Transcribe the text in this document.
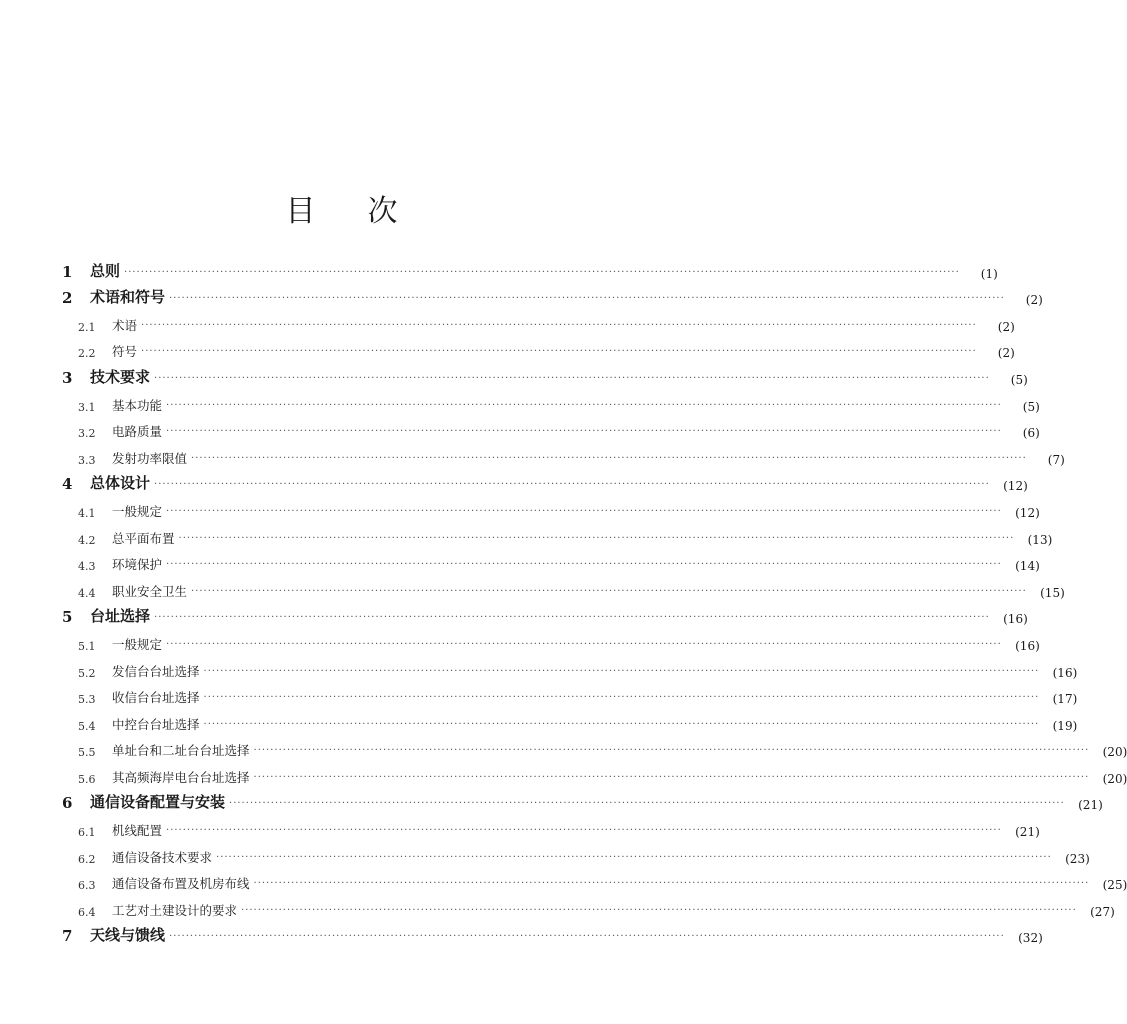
目 次
1	总则 ········································································································································································································	(1)
2	术语和符号 ········································································································································································································	(2)
2.1	术语 ········································································································································································································	(2)
2.2	符号 ········································································································································································································	(2)
3	技术要求 ········································································································································································································	(5)
3.1	基本功能 ········································································································································································································	(5)
3.2	电路质量 ········································································································································································································	(6)
3.3	发射功率限值 ········································································································································································································	(7)
4	总体设计 ········································································································································································································	(12)
4.1	一般规定 ········································································································································································································	(12)
4.2	总平面布置 ········································································································································································································	(13)
4.3	环境保护 ········································································································································································································	(14)
4.4	职业安全卫生 ········································································································································································································	(15)
5	台址选择 ········································································································································································································	(16)
5.1	一般规定 ········································································································································································································	(16)
5.2	发信台台址选择 ········································································································································································································	(16)
5.3	收信台台址选择 ········································································································································································································	(17)
5.4	中控台台址选择 ········································································································································································································	(19)
5.5	单址台和二址台台址选择 ········································································································································································································	(20)
5.6	其高频海岸电台台址选择 ········································································································································································································	(20)
6	通信设备配置与安装 ········································································································································································································	(21)
6.1	机线配置 ········································································································································································································	(21)
6.2	通信设备技术要求 ········································································································································································································	(23)
6.3	通信设备布置及机房布线 ········································································································································································································	(25)
6.4	工艺对土建设计的要求 ········································································································································································································	(27)
7	天线与馈线 ········································································································································································································	(32)
